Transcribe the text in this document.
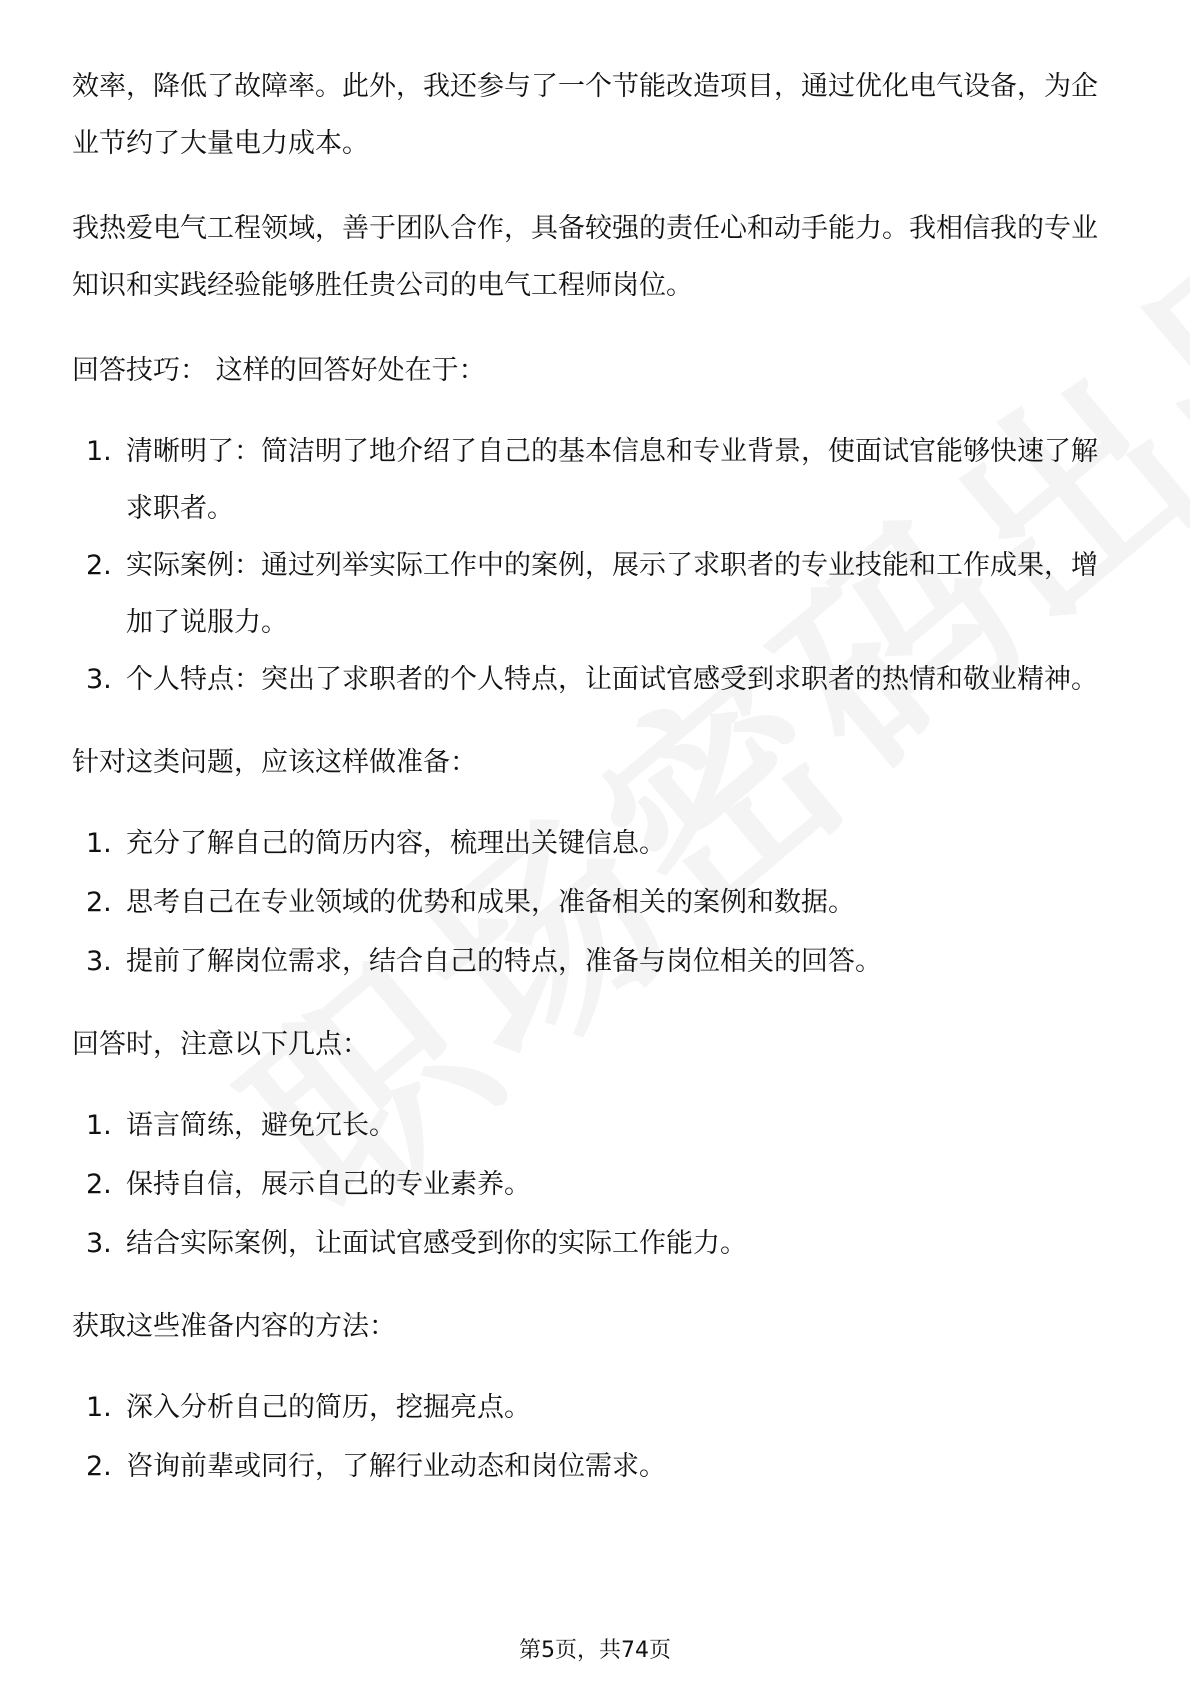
效率，降低了故障率。此外，我还参与了一个节能改造项目，通过优化电气设备，为企业节约了大量电力成本。

我热爱电气工程领域，善于团队合作，具备较强的责任心和动手能力。我相信我的专业知识和实践经验能够胜任贵公司的电气工程师岗位。

回答技巧： 这样的回答好处在于：

1. 清晰明了：简洁明了地介绍了自己的基本信息和专业背景，使面试官能够快速了解求职者。
2. 实际案例：通过列举实际工作中的案例，展示了求职者的专业技能和工作成果，增加了说服力。
3. 个人特点：突出了求职者的个人特点，让面试官感受到求职者的热情和敬业精神。

针对这类问题，应该这样做准备：

1. 充分了解自己的简历内容，梳理出关键信息。
2. 思考自己在专业领域的优势和成果，准备相关的案例和数据。
3. 提前了解岗位需求，结合自己的特点，准备与岗位相关的回答。

回答时，注意以下几点：

1. 语言简练，避免冗长。
2. 保持自信，展示自己的专业素养。
3. 结合实际案例，让面试官感受到你的实际工作能力。

获取这些准备内容的方法：

1. 深入分析自己的简历，挖掘亮点。
2. 咨询前辈或同行，了解行业动态和岗位需求。
第5页，共74页
